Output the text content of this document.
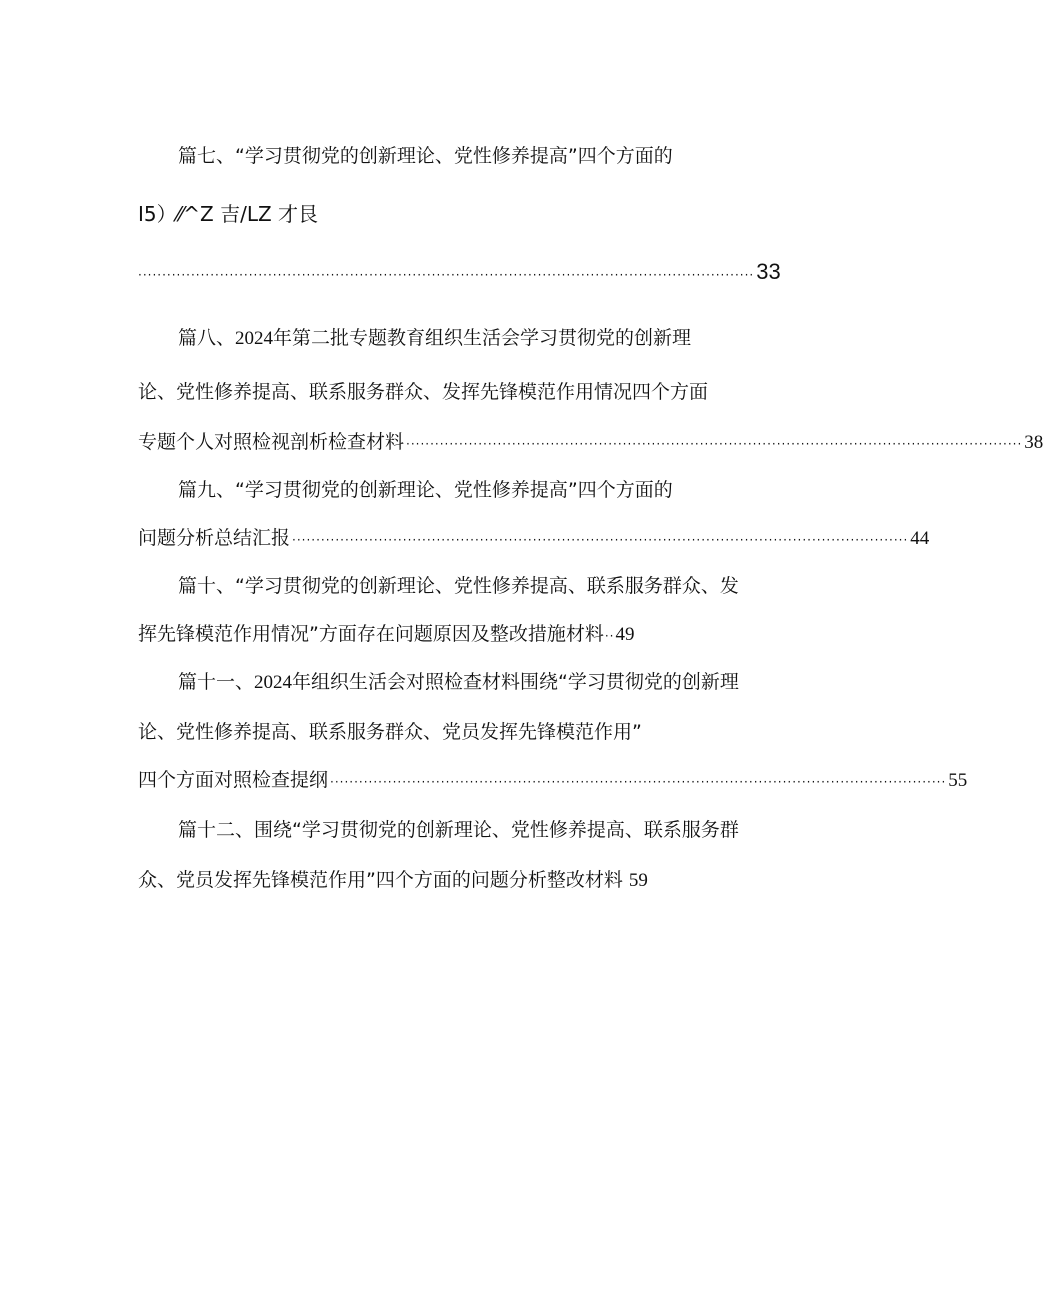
篇七、“学习贯彻党的创新理论、党性修养提高”四个方面的
I5）⁄⁄^Z 吉/LZ 才艮
································································································································ 33
篇八、2024年第二批专题教育组织生活会学习贯彻党的创新理
论、党性修养提高、联系服务群众、发挥先锋模范作用情况四个方面
专题个人对照检视剖析检查材料 ································································································································ 38
篇九、“学习贯彻党的创新理论、党性修养提高”四个方面的
问题分析总结汇报 ································································································································ 44
篇十、“学习贯彻党的创新理论、党性修养提高、联系服务群众、发
挥先锋模范作用情况”方面存在问题原因及整改措施材料 ·· 49
篇十一、2024年组织生活会对照检查材料围绕“学习贯彻党的创新理
论、党性修养提高、联系服务群众、党员发挥先锋模范作用”
四个方面对照检查提纲 ································································································································ 55
篇十二、围绕“学习贯彻党的创新理论、党性修养提高、联系服务群
众、党员发挥先锋模范作用”四个方面的问题分析整改材料 59
